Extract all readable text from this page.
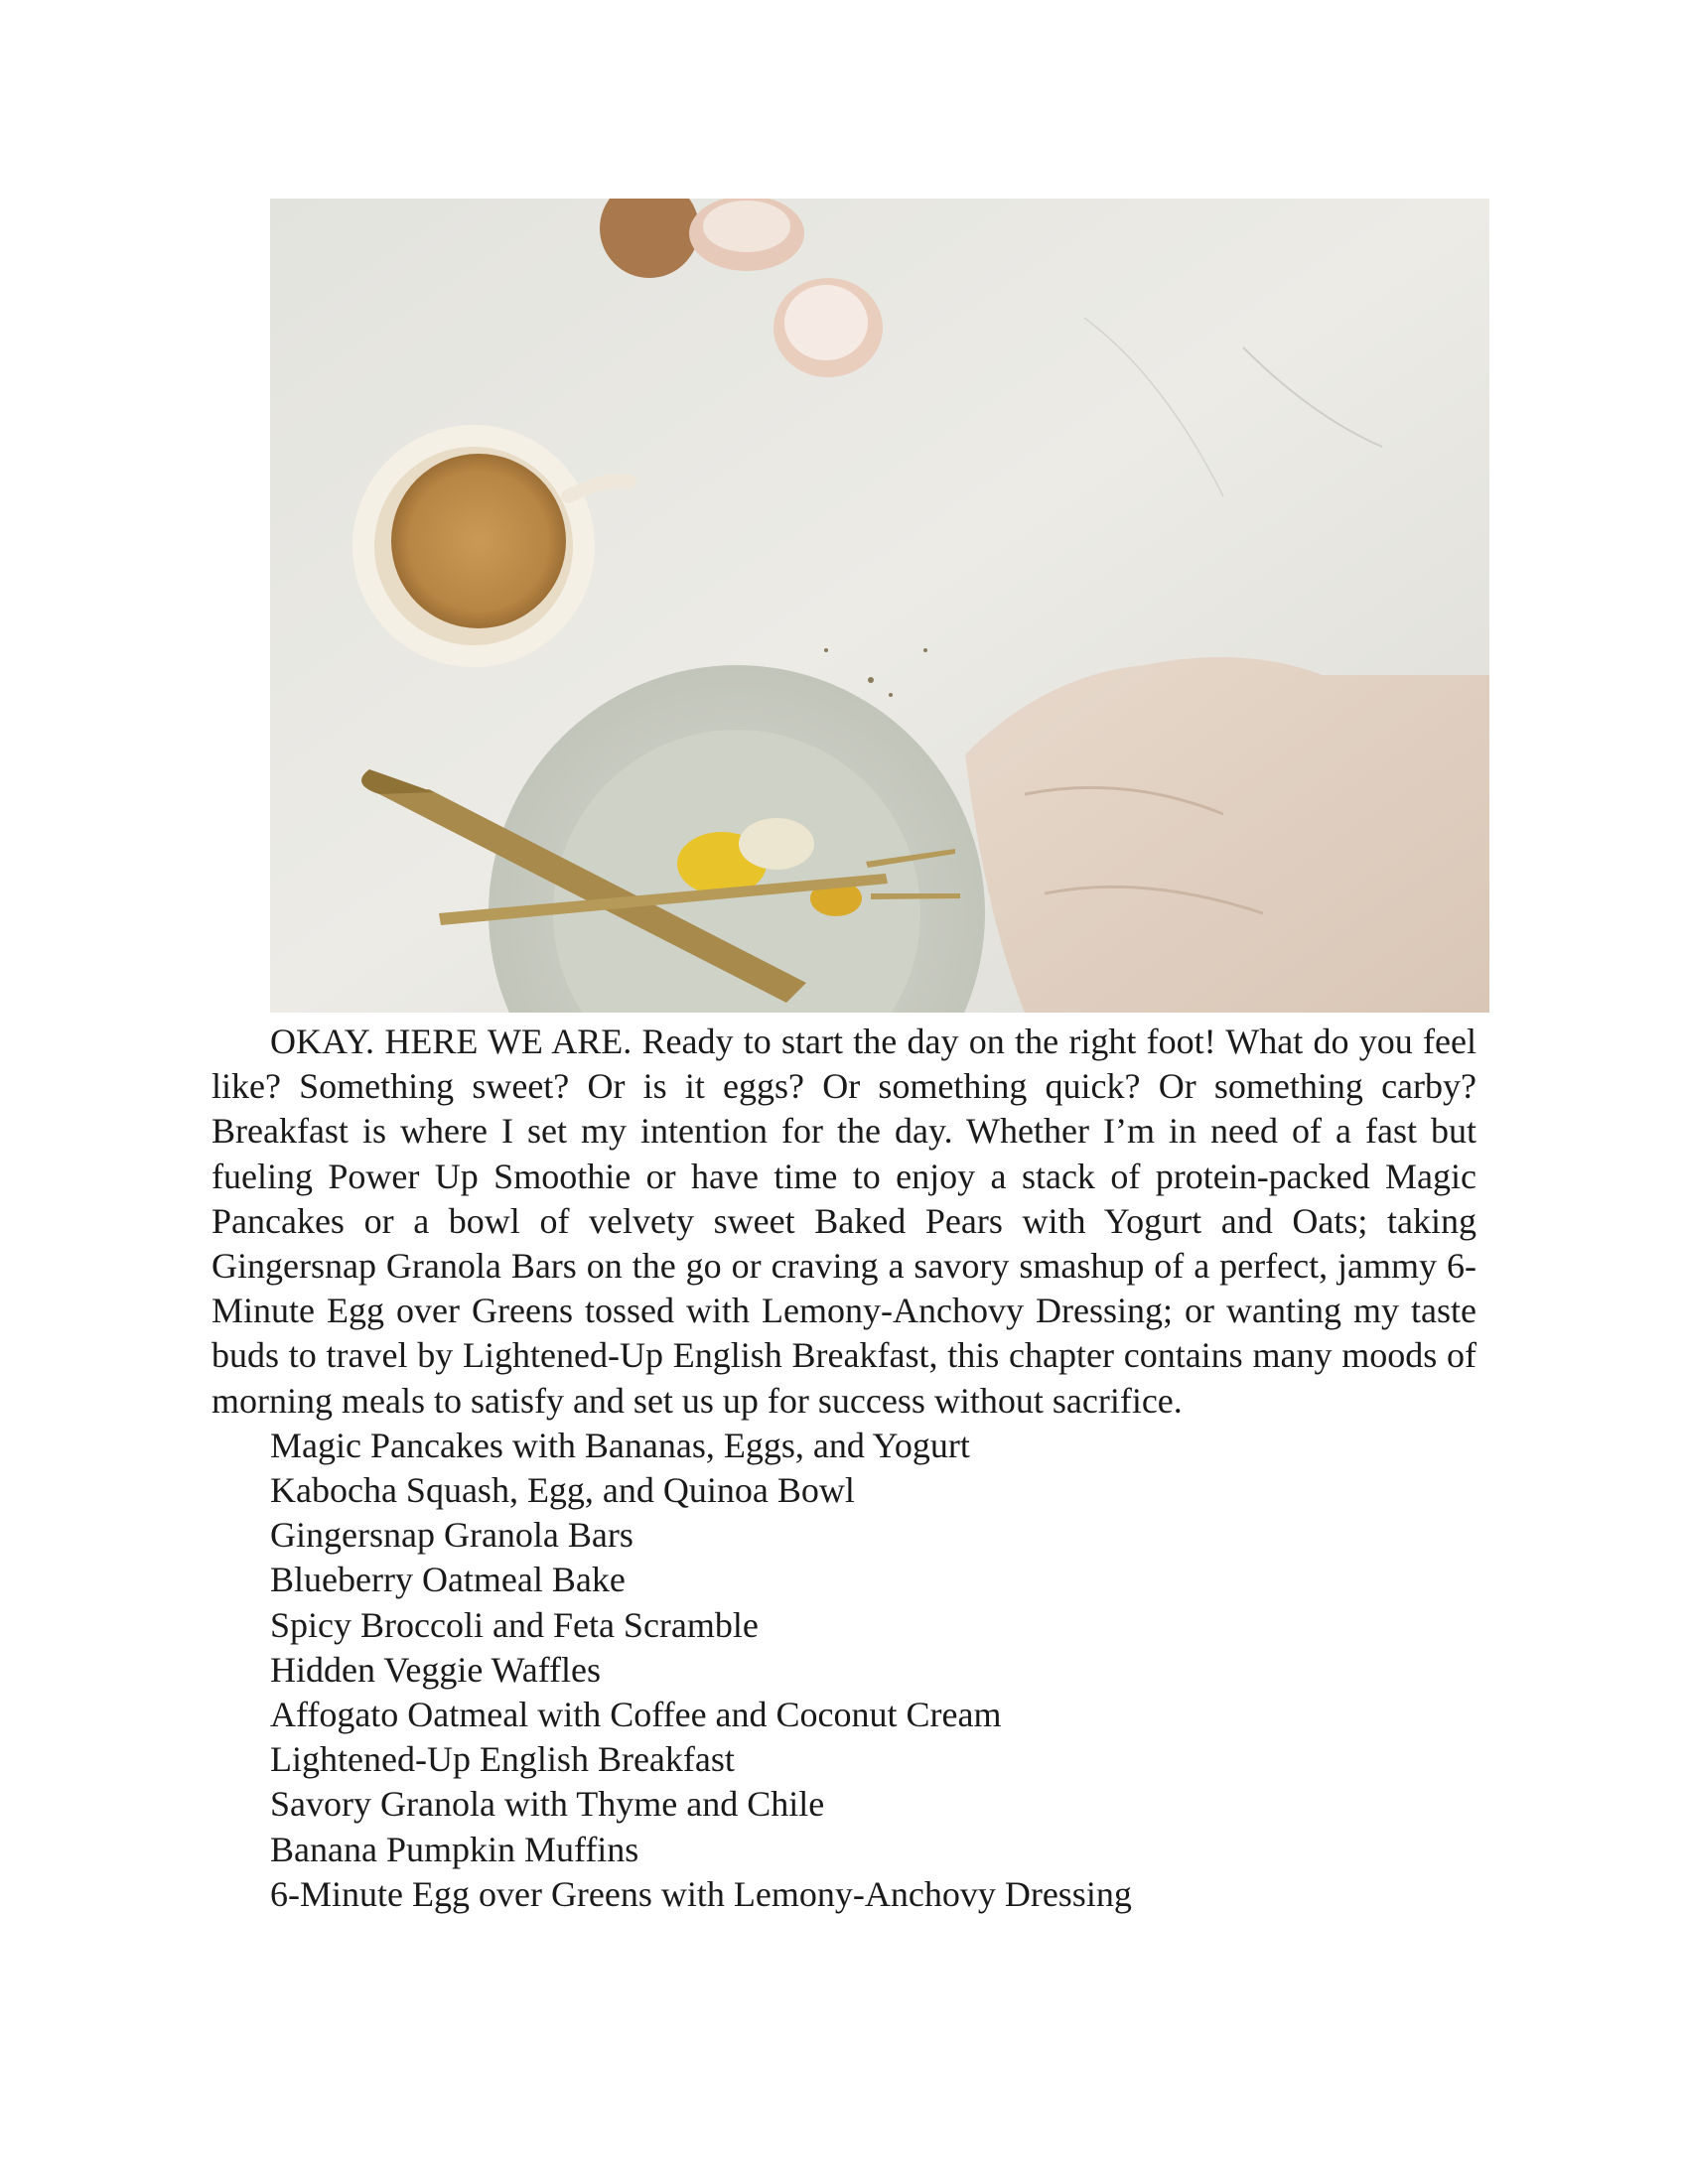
OKAY. HERE WE ARE. Ready to start the day on the right foot! What do you feel like? Something sweet? Or is it eggs? Or something quick? Or something carby? Breakfast is where I set my intention for the day. Whether I’m in need of a fast but fueling Power Up Smoothie or have time to enjoy a stack of protein-packed Magic Pancakes or a bowl of velvety sweet Baked Pears with Yogurt and Oats; taking Gingersnap Granola Bars on the go or craving a savory smashup of a perfect, jammy 6-Minute Egg over Greens tossed with Lemony-Anchovy Dressing; or wanting my taste buds to travel by Lightened-Up English Breakfast, this chapter contains many moods of morning meals to satisfy and set us up for success without sacrifice.

Magic Pancakes with Bananas, Eggs, and Yogurt
Kabocha Squash, Egg, and Quinoa Bowl
Gingersnap Granola Bars
Blueberry Oatmeal Bake
Spicy Broccoli and Feta Scramble
Hidden Veggie Waffles
Affogato Oatmeal with Coffee and Coconut Cream
Lightened-Up English Breakfast
Savory Granola with Thyme and Chile
Banana Pumpkin Muffins
6-Minute Egg over Greens with Lemony-Anchovy Dressing
